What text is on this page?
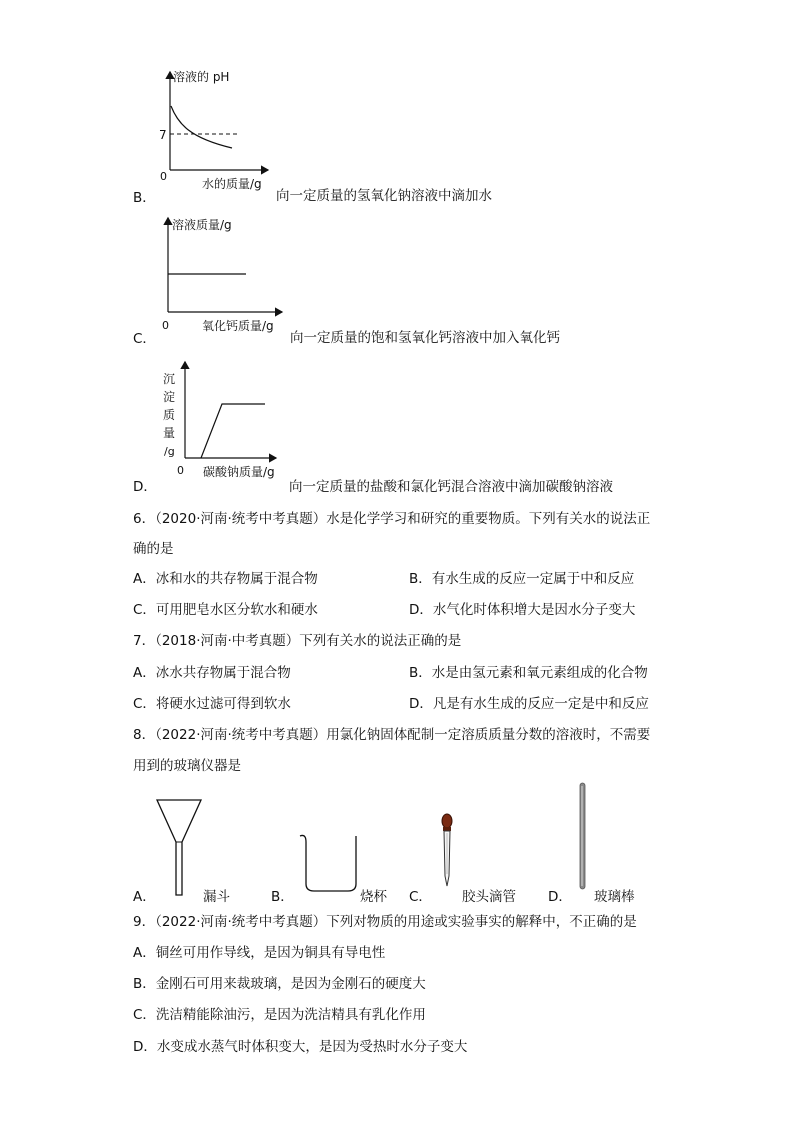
溶液的 pH
7
0
水的质量/g
溶液质量/g
0	氧化钙质量/g
沉
淀
质
量
/g
0 碳酸钠质量/g
B．	向一定质量的氢氧化钠溶液中滴加水
C．	向一定质量的饱和氢氧化钙溶液中加入氧化钙
D．	向一定质量的盐酸和氯化钙混合溶液中滴加碳酸钠溶液
6．（2020·河南·统考中考真题）水是化学学习和研究的重要物质。下列有关水的说法正
确的是
A．冰和水的共存物属于混合物	B．有水生成的反应一定属于中和反应
C．可用肥皂水区分软水和硬水	D．水气化时体积增大是因水分子变大
7．（2018·河南·中考真题）下列有关水的说法正确的是
A．冰水共存物属于混合物	B．水是由氢元素和氧元素组成的化合物
C．将硬水过滤可得到软水	D．凡是有水生成的反应一定是中和反应
8．（2022·河南·统考中考真题）用氯化钠固体配制一定溶质质量分数的溶液时，不需要
用到的玻璃仪器是
A．	漏斗	B．	烧杯 C． 胶头滴管 D． 玻璃棒
9．（2022·河南·统考中考真题）下列对物质的用途或实验事实的解释中，不正确的是
A．铜丝可用作导线，是因为铜具有导电性
B．金刚石可用来裁玻璃，是因为金刚石的硬度大
C．洗洁精能除油污，是因为洗洁精具有乳化作用
D．水变成水蒸气时体积变大，是因为受热时水分子变大
